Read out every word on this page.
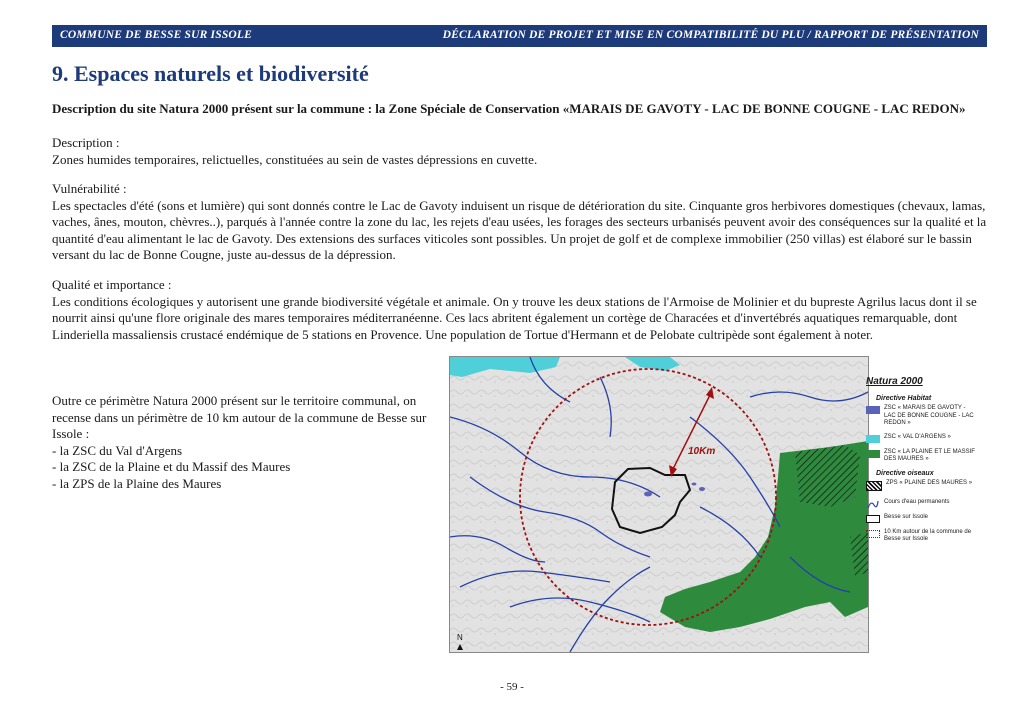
COMMUNE DE BESSE SUR ISSOLE	DÉCLARATION DE PROJET ET MISE EN COMPATIBILITÉ DU PLU / RAPPORT DE PRÉSENTATION
9. Espaces naturels et biodiversité

Description du site Natura 2000 présent sur la commune : la Zone Spéciale de Conservation «MARAIS DE GAVOTY - LAC DE BONNE COUGNE - LAC REDON»

Description :
Zones humides temporaires, relictuelles, constituées au sein de vastes dépressions en cuvette.

Vulnérabilité :
Les spectacles d'été (sons et lumière) qui sont donnés contre le Lac de Gavoty induisent un risque de détérioration du site. Cinquante gros herbivores domestiques (chevaux, lamas, vaches, ânes, mouton, chèvres..), parqués à l'année contre la zone du lac, les rejets d'eau usées, les forages des secteurs urbanisés peuvent avoir des conséquences sur la qualité et la quantité d'eau alimentant le lac de Gavoty. Des extensions des surfaces viticoles sont possibles. Un projet de golf et de complexe immobilier (250 villas) est élaboré sur le bassin versant du lac de Bonne Cougne, juste au-dessus de la dépression.

Qualité et importance :
Les conditions écologiques y autorisent une grande biodiversité végétale et animale. On y trouve les deux stations de l'Armoise de Molinier et du bupreste Agrilus lacus dont il se nourrit ainsi qu'une flore originale des mares temporaires méditerranéenne. Ces lacs abritent également un cortège de Characées et d'invertébrés aquatiques remarquable, dont Linderiella massaliensis crustacé endémique de 5 stations en Provence. Une population de Tortue d'Hermann et de Pelobate cultripède sont également à noter.

Outre ce périmètre Natura 2000 présent sur le territoire communal, on recense dans un périmètre de 10 km autour de la commune de Besse sur Issole :

- la ZSC du Val d'Argens
- la ZSC de la Plaine et du Massif des Maures
- la ZPS de la Plaine des Maures
10Km
N
Natura 2000
Directive Habitat
ZSC « MARAIS DE GAVOTY - LAC DE BONNE COUGNE - LAC REDON »
ZSC « VAL D'ARGENS »
ZSC « LA PLAINE ET LE MASSIF DES MAURES »
Directive oiseaux
ZPS « PLAINE DES MAURES »
Cours d'eau permanents
Besse sur Issole
10 Km autour de la commune de Besse sur Issole

- 59 -
